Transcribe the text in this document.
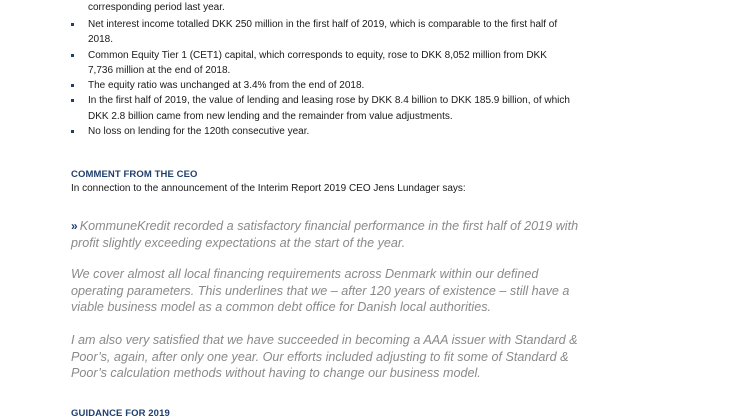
corresponding period last year.
Net interest income totalled DKK 250 million in the first half of 2019, which is comparable to the first half of 2018.
Common Equity Tier 1 (CET1) capital, which corresponds to equity, rose to DKK 8,052 million from DKK 7,736 million at the end of 2018.
The equity ratio was unchanged at 3.4% from the end of 2018.
In the first half of 2019, the value of lending and leasing rose by DKK 8.4 billion to DKK 185.9 billion, of which DKK 2.8 billion came from new lending and the remainder from value adjustments.
No loss on lending for the 120th consecutive year.
COMMENT FROM THE CEO
In connection to the announcement of the Interim Report 2019 CEO Jens Lundager says:
» KommuneKredit recorded a satisfactory financial performance in the first half of 2019 with profit slightly exceeding expectations at the start of the year.
We cover almost all local financing requirements across Denmark within our defined operating parameters. This underlines that we – after 120 years of existence – still have a viable business model as a common debt office for Danish local authorities.
I am also very satisfied that we have succeeded in becoming a AAA issuer with Standard & Poor’s, again, after only one year. Our efforts included adjusting to fit some of Standard & Poor’s calculation methods without having to change our business model.
GUIDANCE FOR 2019
